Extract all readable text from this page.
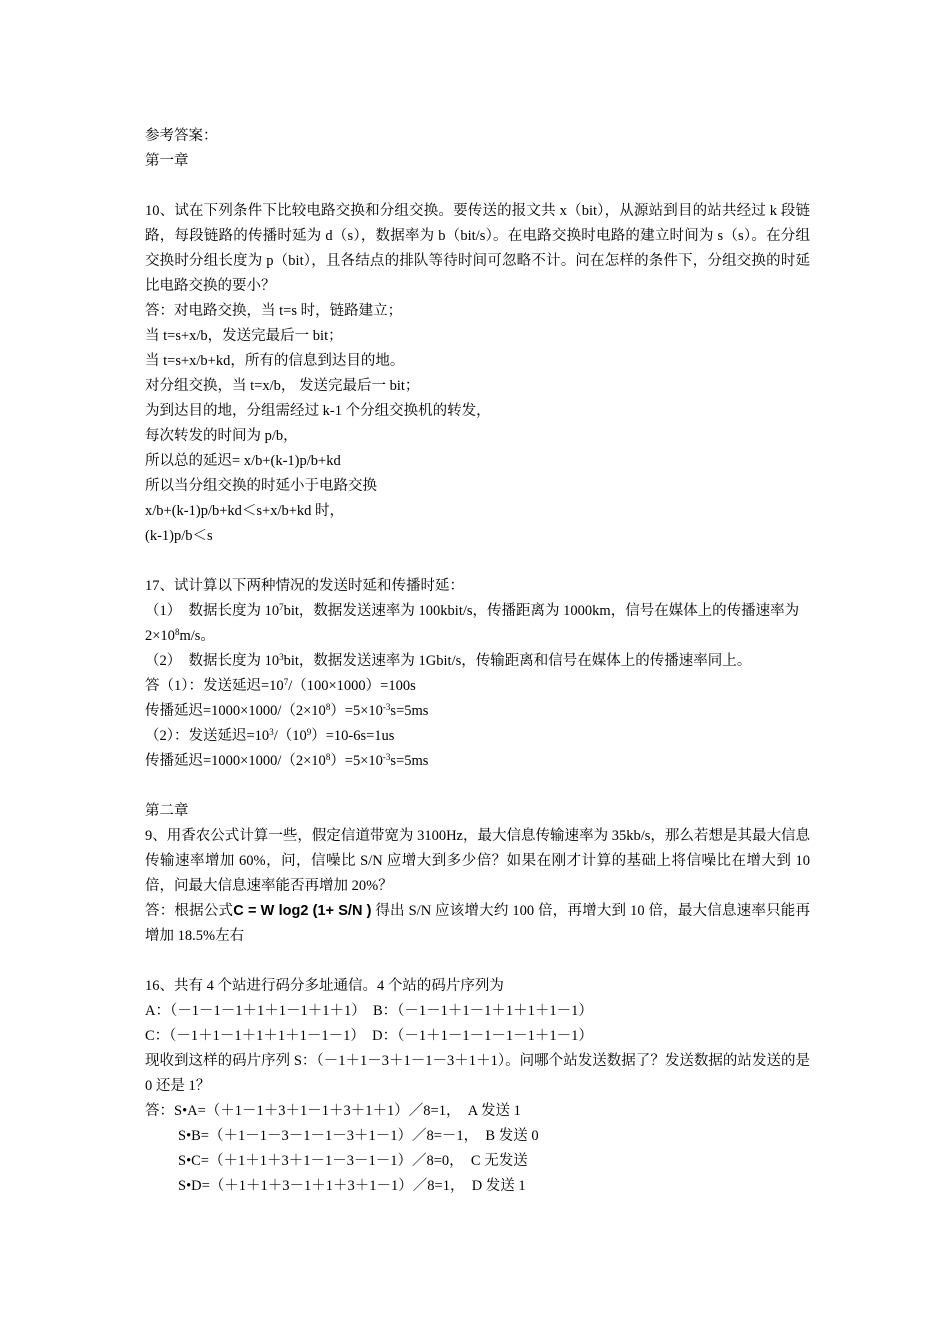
参考答案：
第一章
10、试在下列条件下比较电路交换和分组交换。要传送的报文共 x（bit），从源站到目的站共经过 k 段链路，每段链路的传播时延为 d（s），数据率为 b（bit/s）。在电路交换时电路的建立时间为 s（s）。在分组交换时分组长度为 p（bit），且各结点的排队等待时间可忽略不计。问在怎样的条件下，分组交换的时延比电路交换的要小？
答：对电路交换，当 t=s 时，链路建立；
当 t=s+x/b，发送完最后一 bit；
当 t=s+x/b+kd，所有的信息到达目的地。
对分组交换，当 t=x/b， 发送完最后一 bit；
为到达目的地，分组需经过 k-1 个分组交换机的转发，
每次转发的时间为 p/b，
所以总的延迟= x/b+(k-1)p/b+kd
所以当分组交换的时延小于电路交换
x/b+(k-1)p/b+kd＜s+x/b+kd 时，
(k-1)p/b＜s
17、试计算以下两种情况的发送时延和传播时延：
（1）　数据长度为 $10^7bit$，数据发送速率为 100kbit/s，传播距离为 1000km，信号在媒体上的传播速率为
$2\times 10^8m/s$。
（2）　数据长度为 $10^3bit$，数据发送速率为 1Gbit/s，传输距离和信号在媒体上的传播速率同上。
答（1）：发送延迟$=10^7/(100\times 1000)=100s$
传播延迟$=1000\times 1000/(2\times 10^8)=5\times 10^{-3}s=5ms$
（2）：发送延迟$=10^3/(10^9)=10-6s=1us$
传播延迟$=1000\times 1000/(2\times 10^8)=5\times 10^{-3}s=5ms$
第二章
9、用香农公式计算一些，假定信道带宽为 3100Hz，最大信息传输速率为 35kb/s，那么若想是其最大信息传输速率增加 60%，问，信噪比 S/N 应增大到多少倍？如果在刚才计算的基础上将信噪比在增大到 10 倍，问最大信息速率能否再增加 20%？
答：根据公式C = W log2 (1+ S/N ) 得出 S/N 应该增大约 100 倍，再增大到 10 倍，最大信息速率只能再增加 18.5%左右
16、共有 4 个站进行码分多址通信。4 个站的码片序列为
A：（－1－1－1＋1＋1－1＋1＋1）　B：（－1－1＋1－1＋1＋1＋1－1）
C：（－1＋1－1＋1＋1＋1－1－1）　D：（－1＋1－1－1－1－1＋1－1）
现收到这样的码片序列 S：（－1＋1－3＋1－1－3＋1＋1）。问哪个站发送数据了？发送数据的站发送的是 0 还是 1？
答：S•A=（＋1－1＋3＋1－1＋3＋1＋1）／8=1，　A 发送 1
S•B=（＋1－1－3－1－1－3＋1－1）／8=－1，　B 发送 0
S•C=（＋1＋1＋3＋1－1－3－1－1）／8=0，　C 无发送
S•D=（＋1＋1＋3－1＋1＋3＋1－1）／8=1，　D 发送 1
